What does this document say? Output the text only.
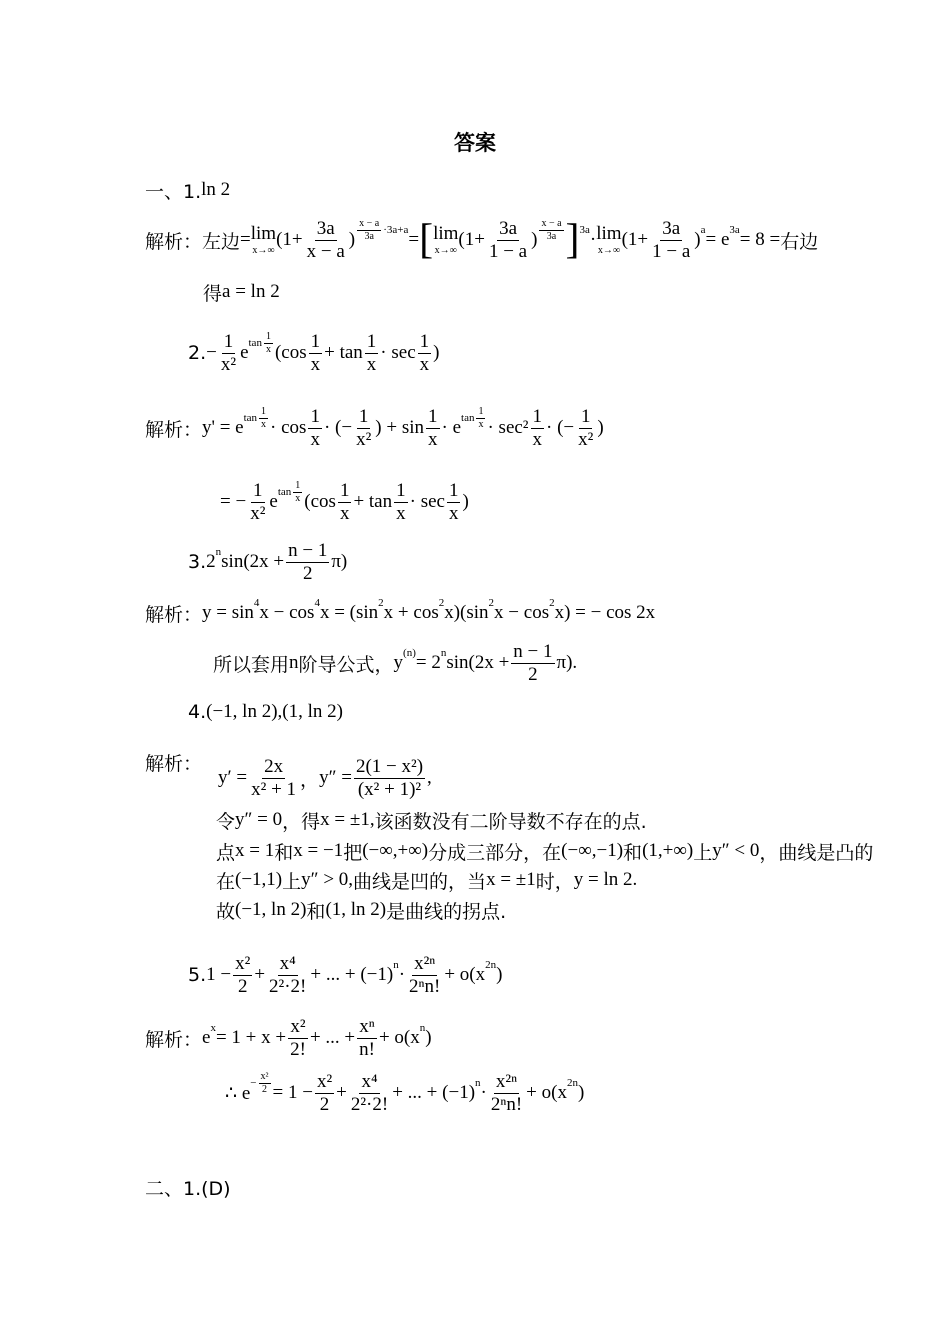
答案
一、1. ln 2
解析： 左边 = lim
x→∞
($1+ \frac{3a}{x - a}$ ) $\frac{x - a}{3a} \cdot 3a+a$ = [ lim
x→∞
($1+ \frac{3a}{1 - a}$ ) $\frac{x - a}{3a}$ ] 3a · lim
x→∞
($1+ \frac{3a}{1 - a}$ ) a = e 3a = 8 = 右边
得 a = ln 2
2. − $\frac{1}{\text{x²}}$ e $\tan \frac{1}{x} (\cos \frac{1}{x} + \tan \frac{1}{x} \cdot \sec \frac{1}{x}$ )
解析： y' = e $\tan \frac{1}{x} \cdot \cos \frac{1}{x}$ · (− $\frac{1}{\text{x²}}$ ) + $\sin \frac{1}{x} \cdot e$ $\tan \frac{1}{x} \cdot \sec^2 \frac{1}{x}$ · (− $\frac{1}{\text{x²}}$ )
= − $\frac{1}{\text{x²}}$ e $\tan \frac{1}{x} (\cos \frac{1}{x} + \tan \frac{1}{x} \cdot \sec \frac{1}{x}$ )
3. 2 n $\sin(2x + \frac{n - 1}{2} \pi)$
解析： y = sin 4 x − cos 4 x = (sin 2 x + cos 2 x)(sin 2 x − cos 2 x) = − cos 2x
所以套用 n 阶导公式， y (n) = 2 n $\sin(2x + \frac{n - 1}{2} \pi)$.
4. (−1, ln 2),(1, ln 2)
解析：
$y' = \frac{2x}{\text{x² + 1}}$ ， $y'' = \frac{\text{2(1 − x²)}}{\text{(x² + 1)²}}$ ,
令 y″ = 0 ，得 x = ±1, 该函数没有二阶导数不存在的点.
点 x = 1 和 x = −1 把 (−∞,+∞) 分成三部分，在 (−∞,−1) 和 (1,+∞) 上 y″ < 0 ，曲线是凸的
在 (−1,1) 上 y″ > 0, 曲线是凹的，当 x = ±1 时， y = ln 2.
故 (−1, ln 2) 和 (1, ln 2) 是曲线的拐点.
5. $1 - \frac{\text{x²}}{2} + \frac{\text{x⁴}}{\text{2²·2!}}$ + ... + (−1) $n \cdot \frac{\text{x²ⁿ}}{\text{2ⁿn!}} + o(x$ 2n )
解析： e $x = 1 + x + \frac{\text{x²}}{2!}$ + ... + $\frac{\text{xⁿ}}{n!} + o(x$ n )
∴ $e - \frac{\text{x²}}{2} = 1 - \frac{\text{x²}}{2} + \frac{\text{x⁴}}{\text{2²·2!}}$ + ... + (−1) $n \cdot \frac{\text{x²ⁿ}}{\text{2ⁿn!}} + o(x$ 2n )
二、1.(D)
